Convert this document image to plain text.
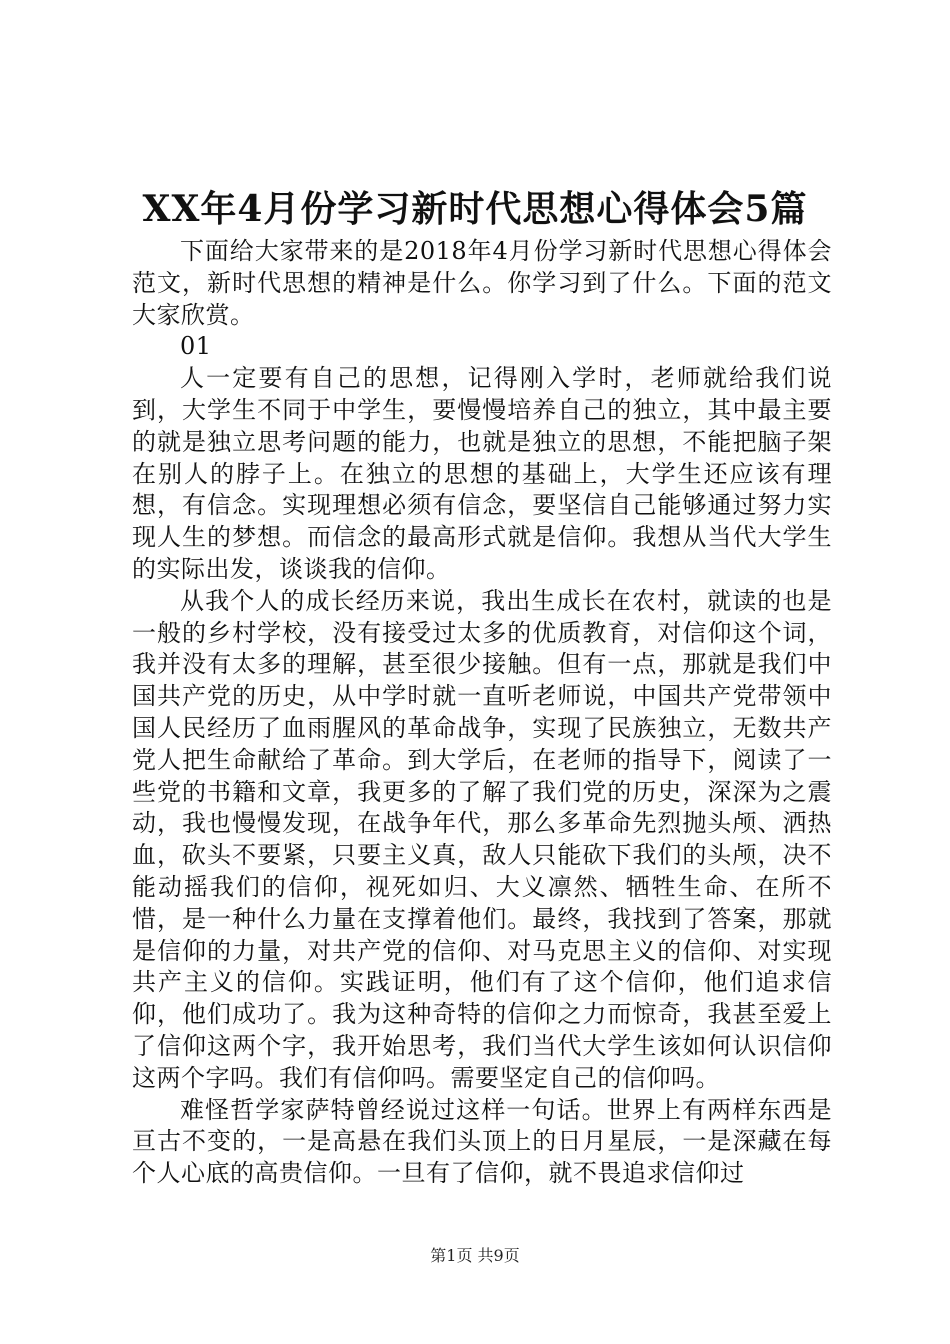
XX年4月份学习新时代思想心得体会5篇

下面给大家带来的是2018年4月份学习新时代思想心得体会范文，新时代思想的精神是什么。你学习到了什么。下面的范文大家欣赏。

01

人一定要有自己的思想，记得刚入学时，老师就给我们说到，大学生不同于中学生，要慢慢培养自己的独立，其中最主要的就是独立思考问题的能力，也就是独立的思想，不能把脑子架在别人的脖子上。在独立的思想的基础上，大学生还应该有理想，有信念。实现理想必须有信念，要坚信自己能够通过努力实现人生的梦想。而信念的最高形式就是信仰。我想从当代大学生的实际出发，谈谈我的信仰。

从我个人的成长经历来说，我出生成长在农村，就读的也是一般的乡村学校，没有接受过太多的优质教育，对信仰这个词，我并没有太多的理解，甚至很少接触。但有一点，那就是我们中国共产党的历史，从中学时就一直听老师说，中国共产党带领中国人民经历了血雨腥风的革命战争，实现了民族独立，无数共产党人把生命献给了革命。到大学后，在老师的指导下，阅读了一些党的书籍和文章，我更多的了解了我们党的历史，深深为之震动，我也慢慢发现，在战争年代，那么多革命先烈抛头颅、洒热血，砍头不要紧，只要主义真，敌人只能砍下我们的头颅，决不能动摇我们的信仰，视死如归、大义凛然、牺牲生命、在所不惜，是一种什么力量在支撑着他们。最终，我找到了答案，那就是信仰的力量，对共产党的信仰、对马克思主义的信仰、对实现共产主义的信仰。实践证明，他们有了这个信仰，他们追求信仰，他们成功了。我为这种奇特的信仰之力而惊奇，我甚至爱上了信仰这两个字，我开始思考，我们当代大学生该如何认识信仰这两个字吗。我们有信仰吗。需要坚定自己的信仰吗。

难怪哲学家萨特曾经说过这样一句话。世界上有两样东西是亘古不变的，一是高悬在我们头顶上的日月星辰，一是深藏在每个人心底的高贵信仰。一旦有了信仰，就不畏追求信仰过

第1页 共9页
